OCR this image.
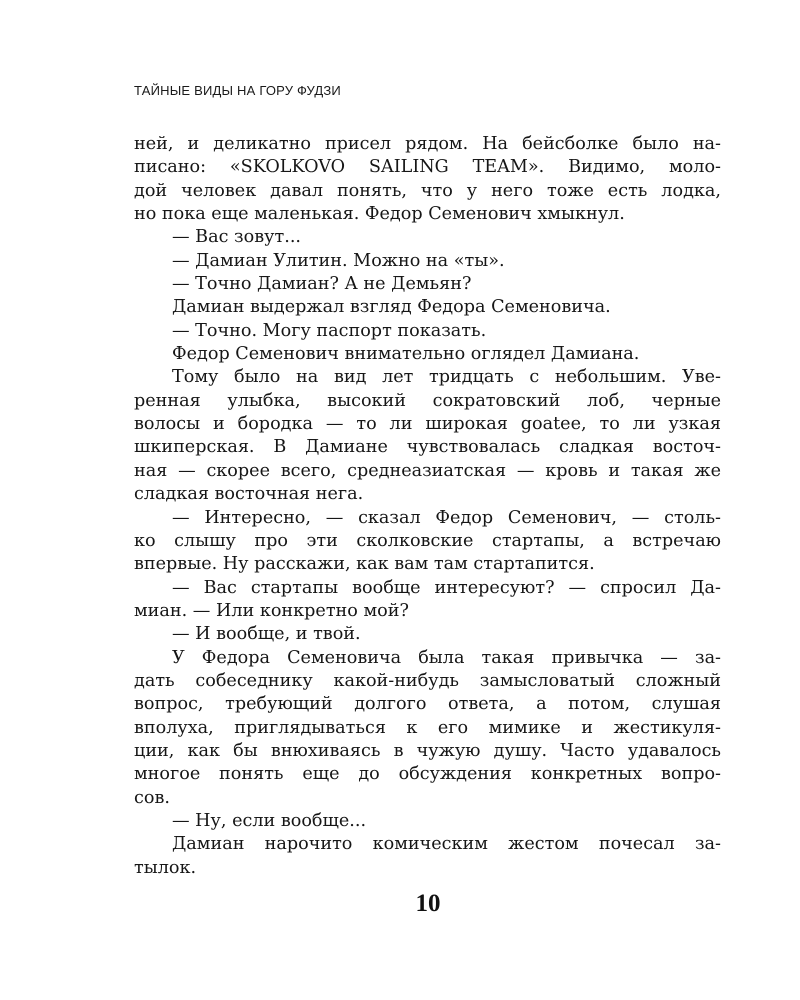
ТАЙНЫЕ ВИДЫ НА ГОРУ ФУДЗИ
ней, и деликатно присел рядом. На бейсболке было на-
писано: «SKOLKOVO SAILING TEAM». Видимо, моло-
дой человек давал понять, что у него тоже есть лодка,
но пока еще маленькая. Федор Семенович хмыкнул.
— Вас зовут...
— Дамиан Улитин. Можно на «ты».
— Точно Дамиан? А не Демьян?
Дамиан выдержал взгляд Федора Семеновича.
— Точно. Могу паспорт показать.
Федор Семенович внимательно оглядел Дамиана.
Тому было на вид лет тридцать с небольшим. Уве-
ренная улыбка, высокий сократовский лоб, черные
волосы и бородка — то ли широкая goatee, то ли узкая
шкиперская. В Дамиане чувствовалась сладкая восточ-
ная — скорее всего, среднеазиатская — кровь и такая же
сладкая восточная нега.
— Интересно, — сказал Федор Семенович, — столь-
ко слышу про эти сколковские стартапы, а встречаю
впервые. Ну расскажи, как вам там стартапится.
— Вас стартапы вообще интересуют? — спросил Да-
миан. — Или конкретно мой?
— И вообще, и твой.
У Федора Семеновича была такая привычка — за-
дать собеседнику какой-нибудь замысловатый сложный
вопрос, требующий долгого ответа, а потом, слушая
вполуха, приглядываться к его мимике и жестикуля-
ции, как бы внюхиваясь в чужую душу. Часто удавалось
многое понять еще до обсуждения конкретных вопро-
сов.
— Ну, если вообще...
Дамиан нарочито комическим жестом почесал за-
тылок.
10
